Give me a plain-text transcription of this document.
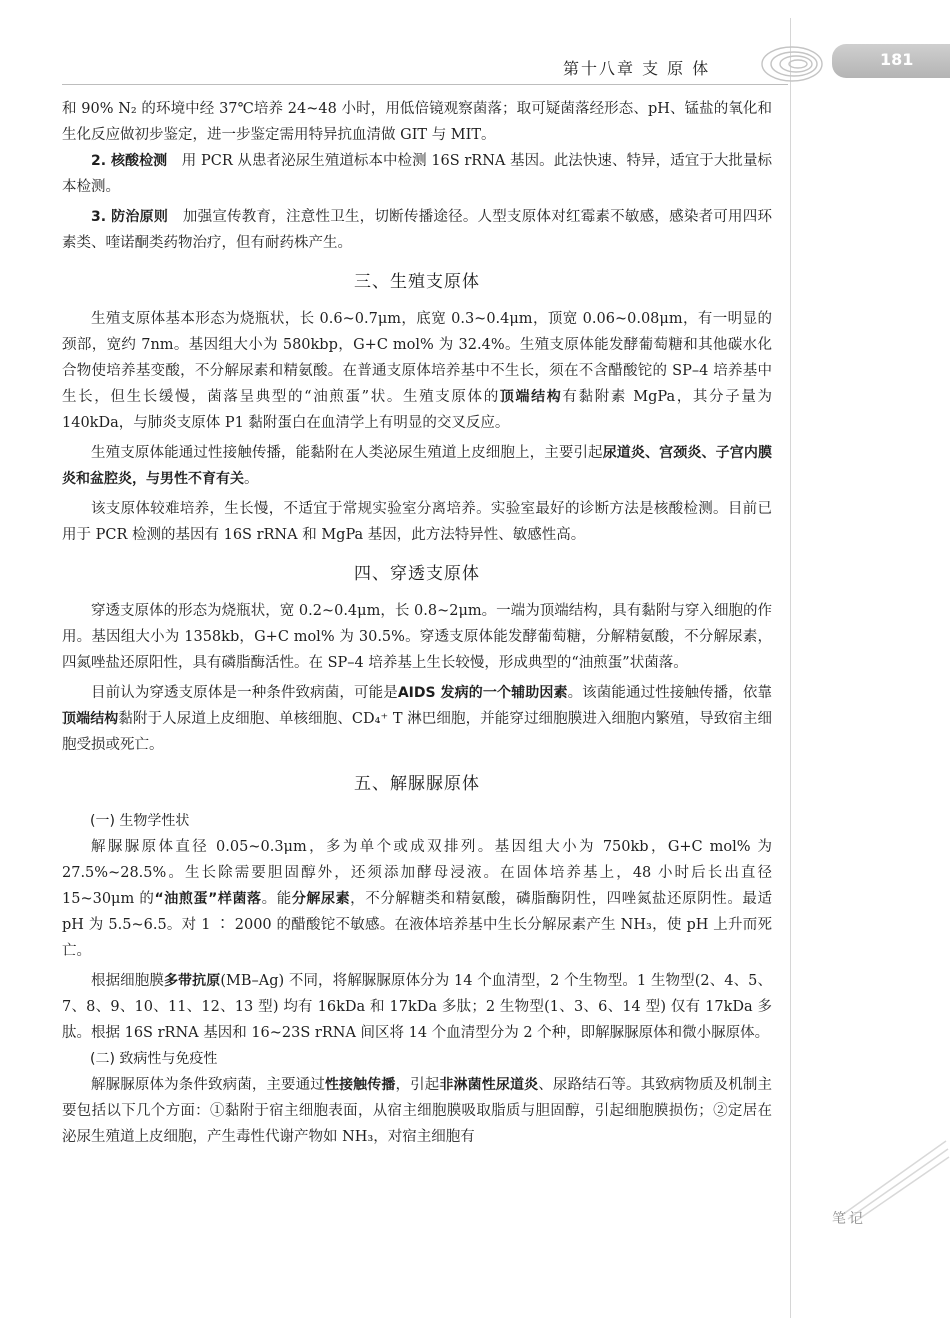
第十八章 支 原 体	181

和 90% N₂ 的环境中经 37℃培养 24~48 小时，用低倍镜观察菌落；取可疑菌落经形态、pH、锰盐的氧化和生化反应做初步鉴定，进一步鉴定需用特异抗血清做 GIT 与 MIT。

2. 核酸检测　 用 PCR 从患者泌尿生殖道标本中检测 16S rRNA 基因。此法快速、特异，适宜于大批量标本检测。

3. 防治原则　 加强宣传教育，注意性卫生，切断传播途径。人型支原体对红霉素不敏感，感染者可用四环素类、喹诺酮类药物治疗，但有耐药株产生。

三、生殖支原体

生殖支原体基本形态为烧瓶状，长 0.6~0.7μm，底宽 0.3~0.4μm，顶宽 0.06~0.08μm，有一明显的颈部，宽约 7nm。基因组大小为 580kbp，G+C mol% 为 32.4%。生殖支原体能发酵葡萄糖和其他碳水化合物使培养基变酸，不分解尿素和精氨酸。在普通支原体培养基中不生长，须在不含醋酸铊的 SP–4 培养基中生长，但生长缓慢，菌落呈典型的“油煎蛋”状。生殖支原体的顶端结构有黏附素 MgPa，其分子量为 140kDa，与肺炎支原体 P1 黏附蛋白在血清学上有明显的交叉反应。

生殖支原体能通过性接触传播，能黏附在人类泌尿生殖道上皮细胞上，主要引起尿道炎、宫颈炎、子宫内膜炎和盆腔炎，与男性不育有关。

该支原体较难培养，生长慢，不适宜于常规实验室分离培养。实验室最好的诊断方法是核酸检测。目前已用于 PCR 检测的基因有 16S rRNA 和 MgPa 基因，此方法特异性、敏感性高。

四、穿透支原体

穿透支原体的形态为烧瓶状，宽 0.2~0.4μm，长 0.8~2μm。一端为顶端结构，具有黏附与穿入细胞的作用。基因组大小为 1358kb，G+C mol% 为 30.5%。穿透支原体能发酵葡萄糖，分解精氨酸，不分解尿素，四氮唑盐还原阳性，具有磷脂酶活性。在 SP–4 培养基上生长较慢，形成典型的“油煎蛋”状菌落。

目前认为穿透支原体是一种条件致病菌，可能是AIDS 发病的一个辅助因素。该菌能通过性接触传播，依靠顶端结构黏附于人尿道上皮细胞、单核细胞、CD₄⁺ T 淋巴细胞，并能穿过细胞膜进入细胞内繁殖，导致宿主细胞受损或死亡。

五、解脲脲原体
(一) 生物学性状

解脲脲原体直径 0.05~0.3μm，多为单个或成双排列。基因组大小为 750kb，G+C mol% 为 27.5%~28.5%。生长除需要胆固醇外，还须添加酵母浸液。在固体培养基上，48 小时后长出直径 15~30μm 的“油煎蛋”样菌落。能分解尿素，不分解糖类和精氨酸，磷脂酶阴性，四唑氮盐还原阴性。最适 pH 为 5.5~6.5。对 1 ∶ 2000 的醋酸铊不敏感。在液体培养基中生长分解尿素产生 NH₃，使 pH 上升而死亡。

根据细胞膜多带抗原(MB–Ag) 不同，将解脲脲原体分为 14 个血清型，2 个生物型。1 生物型(2、4、5、7、8、9、10、11、12、13 型) 均有 16kDa 和 17kDa 多肽；2 生物型(1、3、6、14 型) 仅有 17kDa 多肽。根据 16S rRNA 基因和 16~23S rRNA 间区将 14 个血清型分为 2 个种，即解脲脲原体和微小脲原体。

(二) 致病性与免疫性

解脲脲原体为条件致病菌，主要通过性接触传播，引起非淋菌性尿道炎、尿路结石等。其致病物质及机制主要包括以下几个方面：①黏附于宿主细胞表面，从宿主细胞膜吸取脂质与胆固醇，引起细胞膜损伤；②定居在泌尿生殖道上皮细胞，产生毒性代谢产物如 NH₃，对宿主细胞有

笔记
